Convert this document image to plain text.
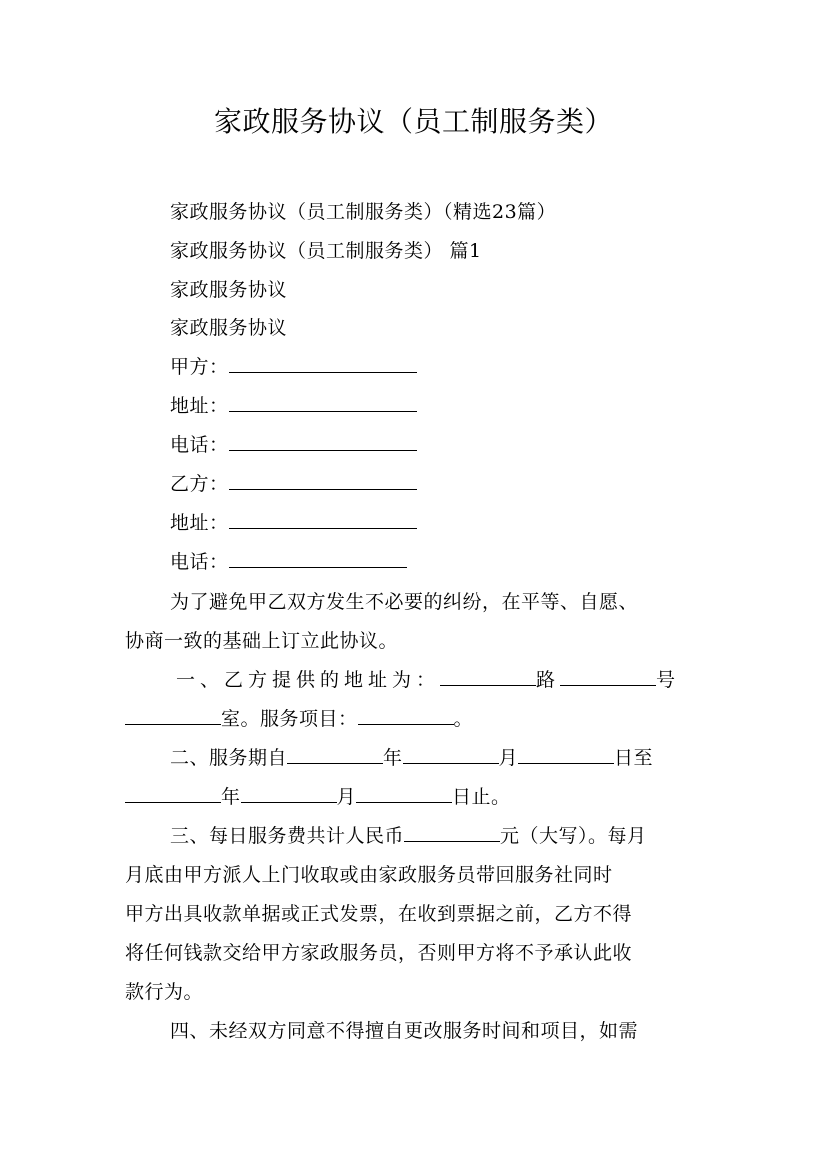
家政服务协议（员工制服务类）
家政服务协议（员工制服务类）（精选23篇）
家政服务协议（员工制服务类） 篇1
家政服务协议
家政服务协议
甲方：
地址：
电话：
乙方：
地址：
电话：
为了避免甲乙双方发生不必要的纠纷，在平等、自愿、
协商一致的基础上订立此协议。
一、乙方提供的地址为：	路	号
室。服务项目：	。
二、服务期自	年	月	日至
年	月	日止。
三、每日服务费共计人民币	元（大写）。每月
月底由甲方派人上门收取或由家政服务员带回服务社同时
甲方出具收款单据或正式发票，在收到票据之前，乙方不得
将任何钱款交给甲方家政服务员，否则甲方将不予承认此收
款行为。
四、未经双方同意不得擅自更改服务时间和项目，如需
